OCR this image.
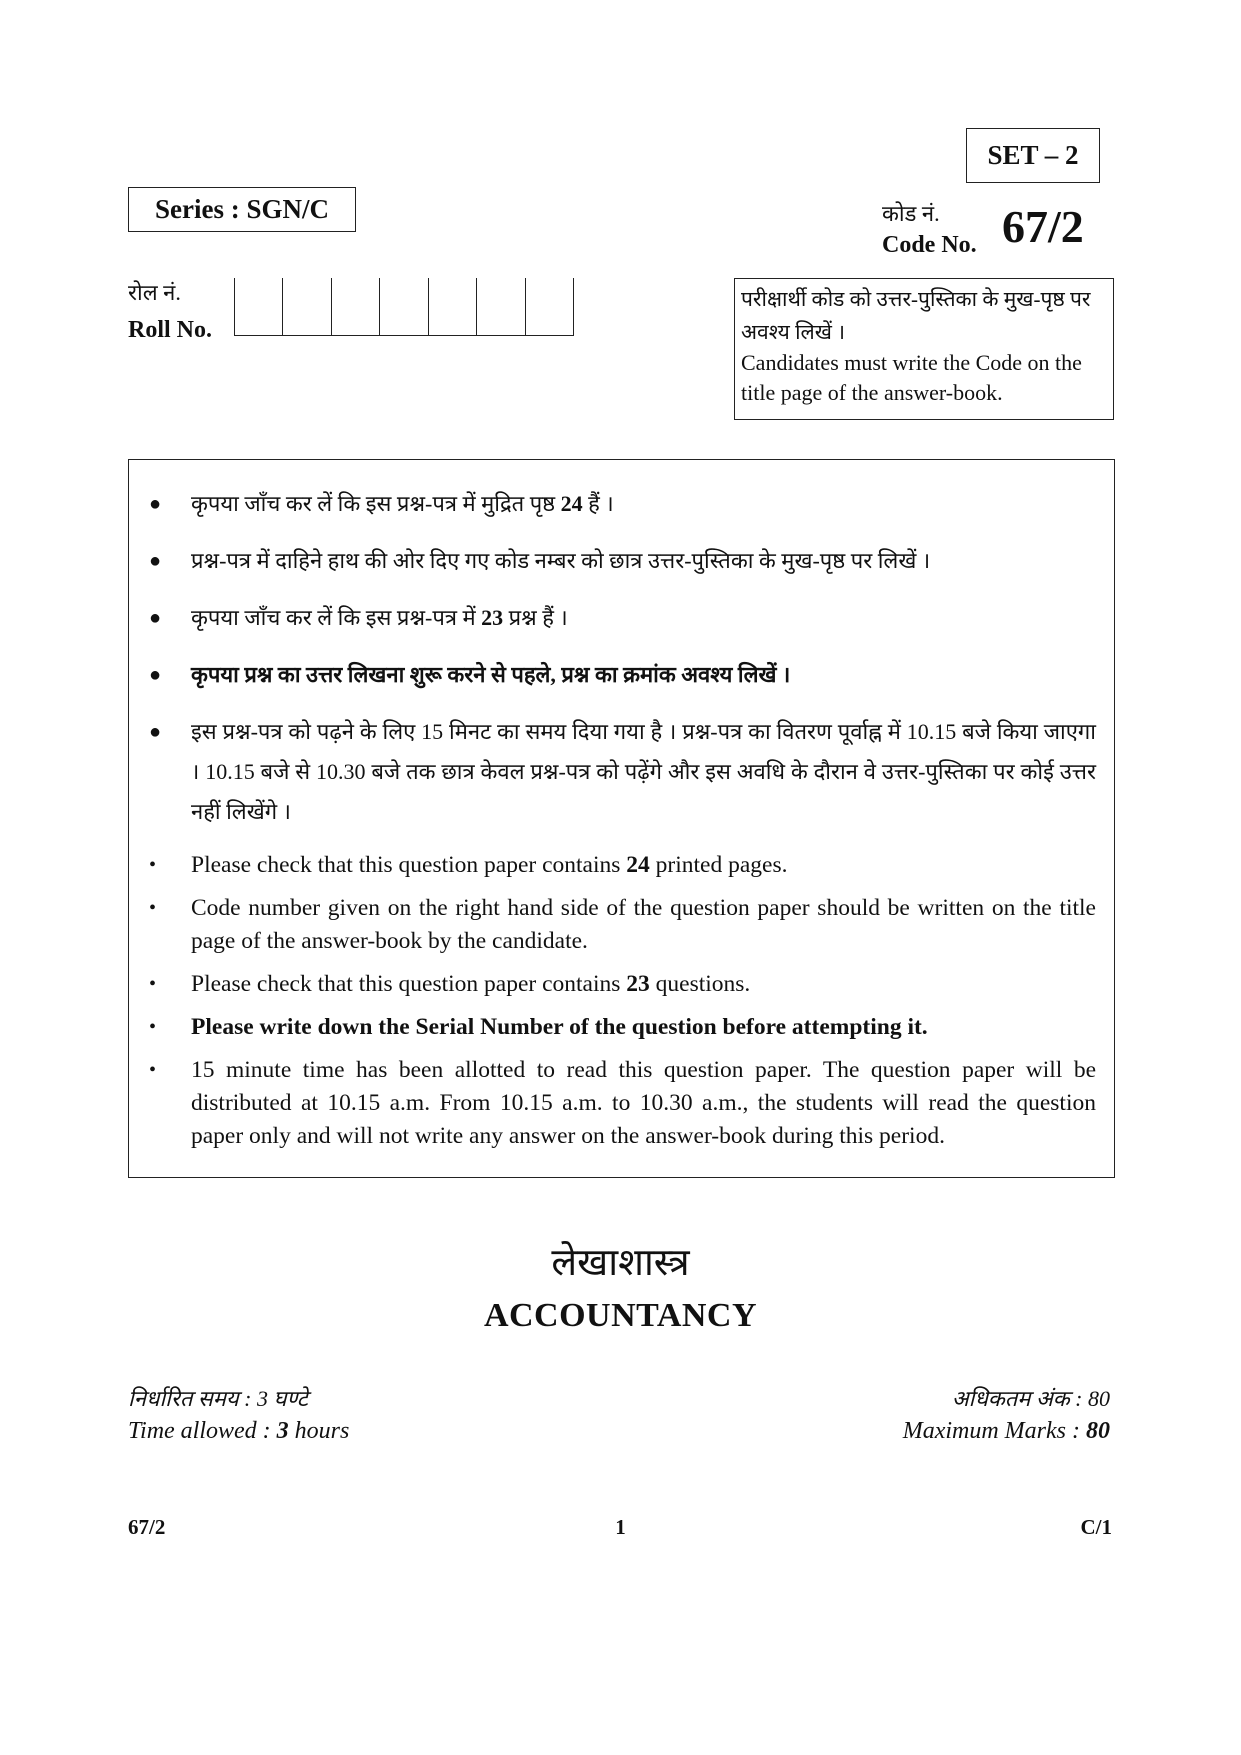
SET – 2
Series : SGN/C	कोड नं.
Code No. 67/2
रोल नं.
Roll No.
परीक्षार्थी कोड को उत्तर-पुस्तिका के मुख-पृष्ठ पर अवश्य लिखें ।
Candidates must write the Code on the title page of the answer-book.
● कृपया जाँच कर लें कि इस प्रश्न-पत्र में मुद्रित पृष्ठ 24 हैं ।
● प्रश्न-पत्र में दाहिने हाथ की ओर दिए गए कोड नम्बर को छात्र उत्तर-पुस्तिका के मुख-पृष्ठ पर लिखें ।
● कृपया जाँच कर लें कि इस प्रश्न-पत्र में 23 प्रश्न हैं ।
● कृपया प्रश्न का उत्तर लिखना शुरू करने से पहले, प्रश्न का क्रमांक अवश्य लिखें ।
● इस प्रश्न-पत्र को पढ़ने के लिए 15 मिनट का समय दिया गया है । प्रश्न-पत्र का वितरण पूर्वाह्न में 10.15 बजे किया जाएगा । 10.15 बजे से 10.30 बजे तक छात्र केवल प्रश्न-पत्र को पढ़ेंगे और इस अवधि के दौरान वे उत्तर-पुस्तिका पर कोई उत्तर नहीं लिखेंगे ।
• Please check that this question paper contains 24 printed pages.
• Code number given on the right hand side of the question paper should be written on the title page of the answer-book by the candidate.
• Please check that this question paper contains 23 questions.
• Please write down the Serial Number of the question before attempting it.
• 15 minute time has been allotted to read this question paper. The question paper will be distributed at 10.15 a.m. From 10.15 a.m. to 10.30 a.m., the students will read the question paper only and will not write any answer on the answer-book during this period.
लेखाशास्त्र
ACCOUNTANCY
निर्धारित समय : 3 घण्टे
Time allowed : 3 hours
अधिकतम अंक : 80
Maximum Marks : 80
67/2	1	C/1
